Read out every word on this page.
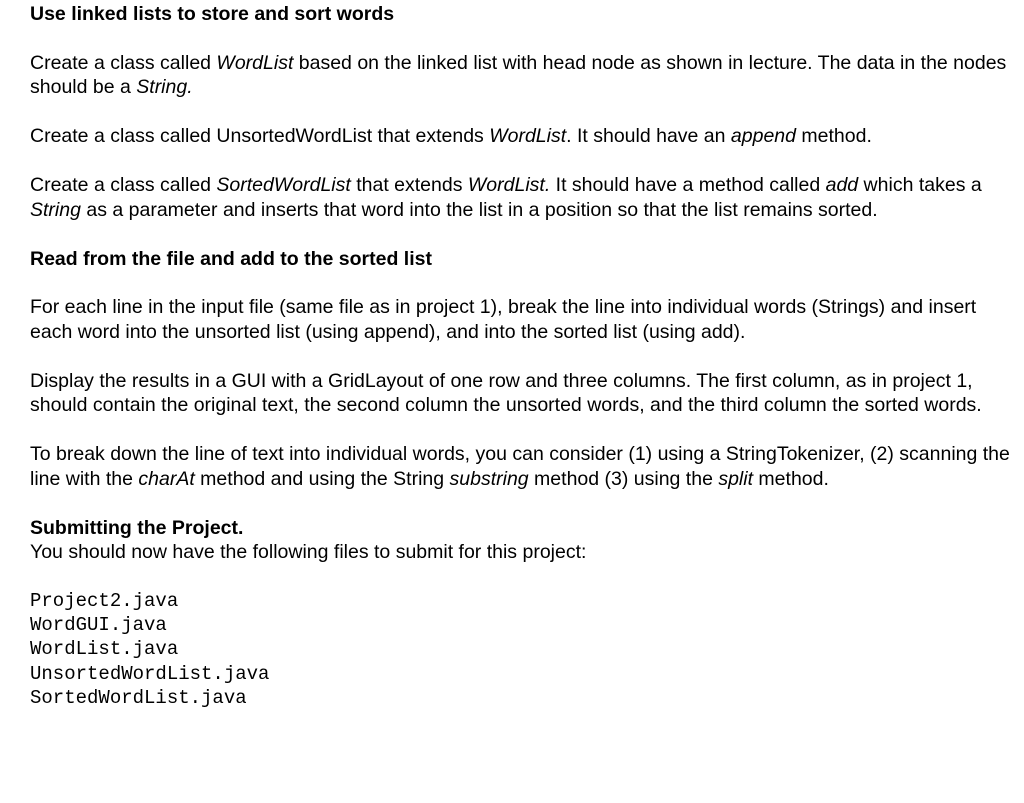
Use linked lists to store and sort words

Create a class called WordList based on the linked list with head node as shown in lecture. The data in the nodes should be a String.

Create a class called UnsortedWordList that extends WordList. It should have an append method.

Create a class called SortedWordList that extends WordList. It should have a method called add which takes a String as a parameter and inserts that word into the list in a position so that the list remains sorted.

Read from the file and add to the sorted list

For each line in the input file (same file as in project 1), break the line into individual words (Strings) and insert each word into the unsorted list (using append), and into the sorted list (using add).

Display the results in a GUI with a GridLayout of one row and three columns. The first column, as in project 1, should contain the original text, the second column the unsorted words, and the third column the sorted words.

To break down the line of text into individual words, you can consider (1) using a StringTokenizer, (2) scanning the line with the charAt method and using the String substring method (3) using the split method.

Submitting the Project.

You should now have the following files to submit for this project:

Project2.java

WordGUI.java

WordList.java

UnsortedWordList.java

SortedWordList.java
